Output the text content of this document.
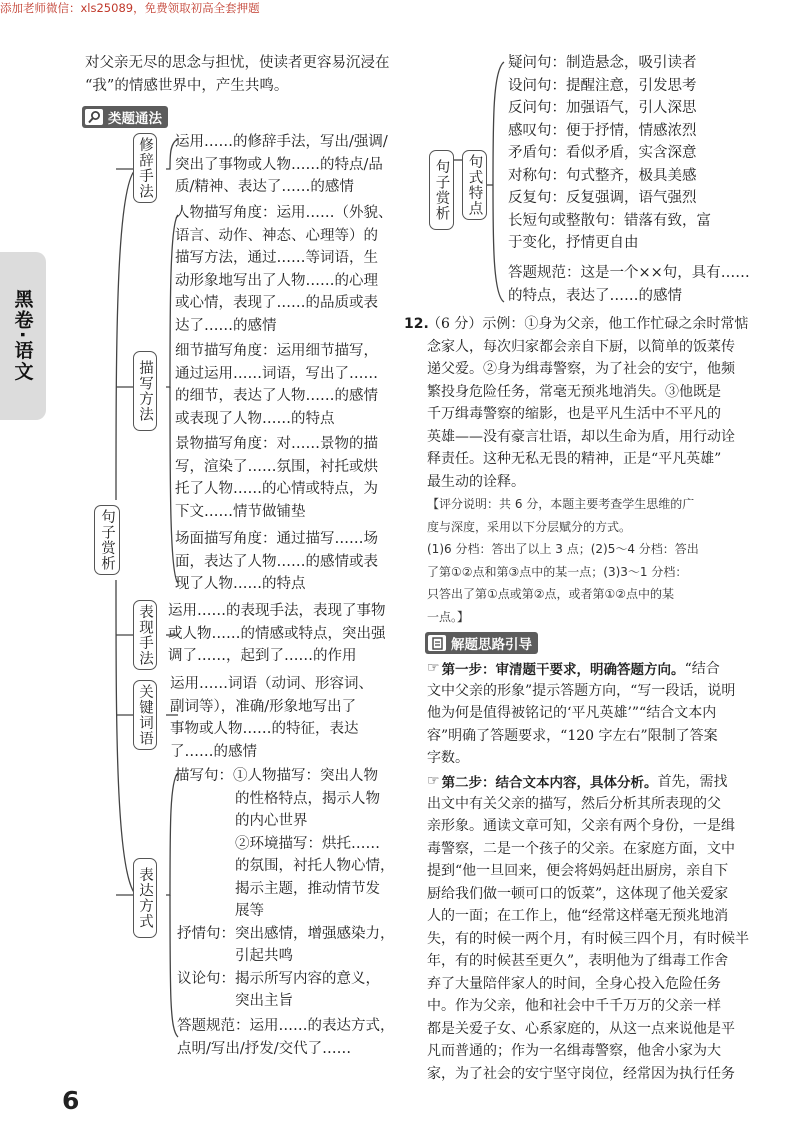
添加老师微信：xls25089，免费领取初高全套押题
黑卷·语文
对父亲无尽的思念与担忧，使读者更容易沉浸在
“我”的情感世界中，产生共鸣。
类题通法
句子赏析
修辞手法 运用……的修辞手法，写出/强调/
突出了事物或人物……的特点/品
质/精神、表达了……的感情
描写方法
人物描写角度：运用……（外貌、
语言、动作、神态、心理等）的
描写方法，通过……等词语，生
动形象地写出了人物……的心理
或心情，表现了……的品质或表
达了……的感情
细节描写角度：运用细节描写，
通过运用……词语，写出了……
的细节，表达了人物……的感情
或表现了人物……的特点
景物描写角度：对……景物的描
写，渲染了……氛围，衬托或烘
托了人物……的心情或特点，为
下文……情节做铺垫
场面描写角度：通过描写……场
面，表达了人物……的感情或表
现了人物……的特点
表现手法 运用……的表现手法，表现了事物
或人物……的情感或特点，突出强
调了……，起到了……的作用
关键词语 运用……词语（动词、形容词、
副词等），准确/形象地写出了
事物或人物……的特征，表达
了……的感情
表达方式
描写句：①人物描写：突出人物
的性格特点，揭示人物
的内心世界
②环境描写：烘托……
的氛围，衬托人物心情，
揭示主题，推动情节发
展等
抒情句：突出感情，增强感染力，
引起共鸣
议论句：揭示所写内容的意义，
突出主旨
答题规范：运用……的表达方式，
点明/写出/抒发/交代了……
句子赏析 句式特点
疑问句：制造悬念，吸引读者
设问句：提醒注意，引发思考
反问句：加强语气，引人深思
感叹句：便于抒情，情感浓烈
矛盾句：看似矛盾，实含深意
对称句：句式整齐，极具美感
反复句：反复强调，语气强烈
长短句或整散句：错落有致，富
于变化，抒情更自由
答题规范：这是一个××句，具有……
的特点，表达了……的感情
12.
（6 分）示例：①身为父亲，他工作忙碌之余时常惦
念家人，每次归家都会亲自下厨，以简单的饭菜传
递父爱。②身为缉毒警察，为了社会的安宁，他频
繁投身危险任务，常毫无预兆地消失。③他既是
千万缉毒警察的缩影，也是平凡生活中不平凡的
英雄——没有豪言壮语，却以生命为盾，用行动诠
释责任。这种无私无畏的精神，正是“平凡英雄”
最生动的诠释。
【评分说明：共 6 分，本题主要考查学生思维的广
度与深度，采用以下分层赋分的方式。
(1)6 分档：答出了以上 3 点；(2)5～4 分档：答出
了第①②点和第③点中的某一点；(3)3～1 分档：
只答出了第①点或第②点，或者第①②点中的某
一点。】
解题思路引导
☞ 第一步：审清题干要求，明确答题方向。 “结合
文中父亲的形象”提示答题方向，“写一段话，说明
他为何是值得被铭记的‘平凡英雄’”“结合文本内
容”明确了答题要求，“120 字左右”限制了答案
字数。
☞ 第二步：结合文本内容，具体分析。 首先，需找
出文中有关父亲的描写，然后分析其所表现的父
亲形象。通读文章可知，父亲有两个身份，一是缉
毒警察，二是一个孩子的父亲。在家庭方面，文中
提到“他一旦回来，便会将妈妈赶出厨房，亲自下
厨给我们做一顿可口的饭菜”，这体现了他关爱家
人的一面；在工作上，他“经常这样毫无预兆地消
失，有的时候一两个月，有时候三四个月，有时候半
年，有的时候甚至更久”，表明他为了缉毒工作舍
弃了大量陪伴家人的时间，全身心投入危险任务
中。作为父亲，他和社会中千千万万的父亲一样
都是关爱子女、心系家庭的，从这一点来说他是平
凡而普通的；作为一名缉毒警察，他舍小家为大
家，为了社会的安宁坚守岗位，经常因为执行任务
6
